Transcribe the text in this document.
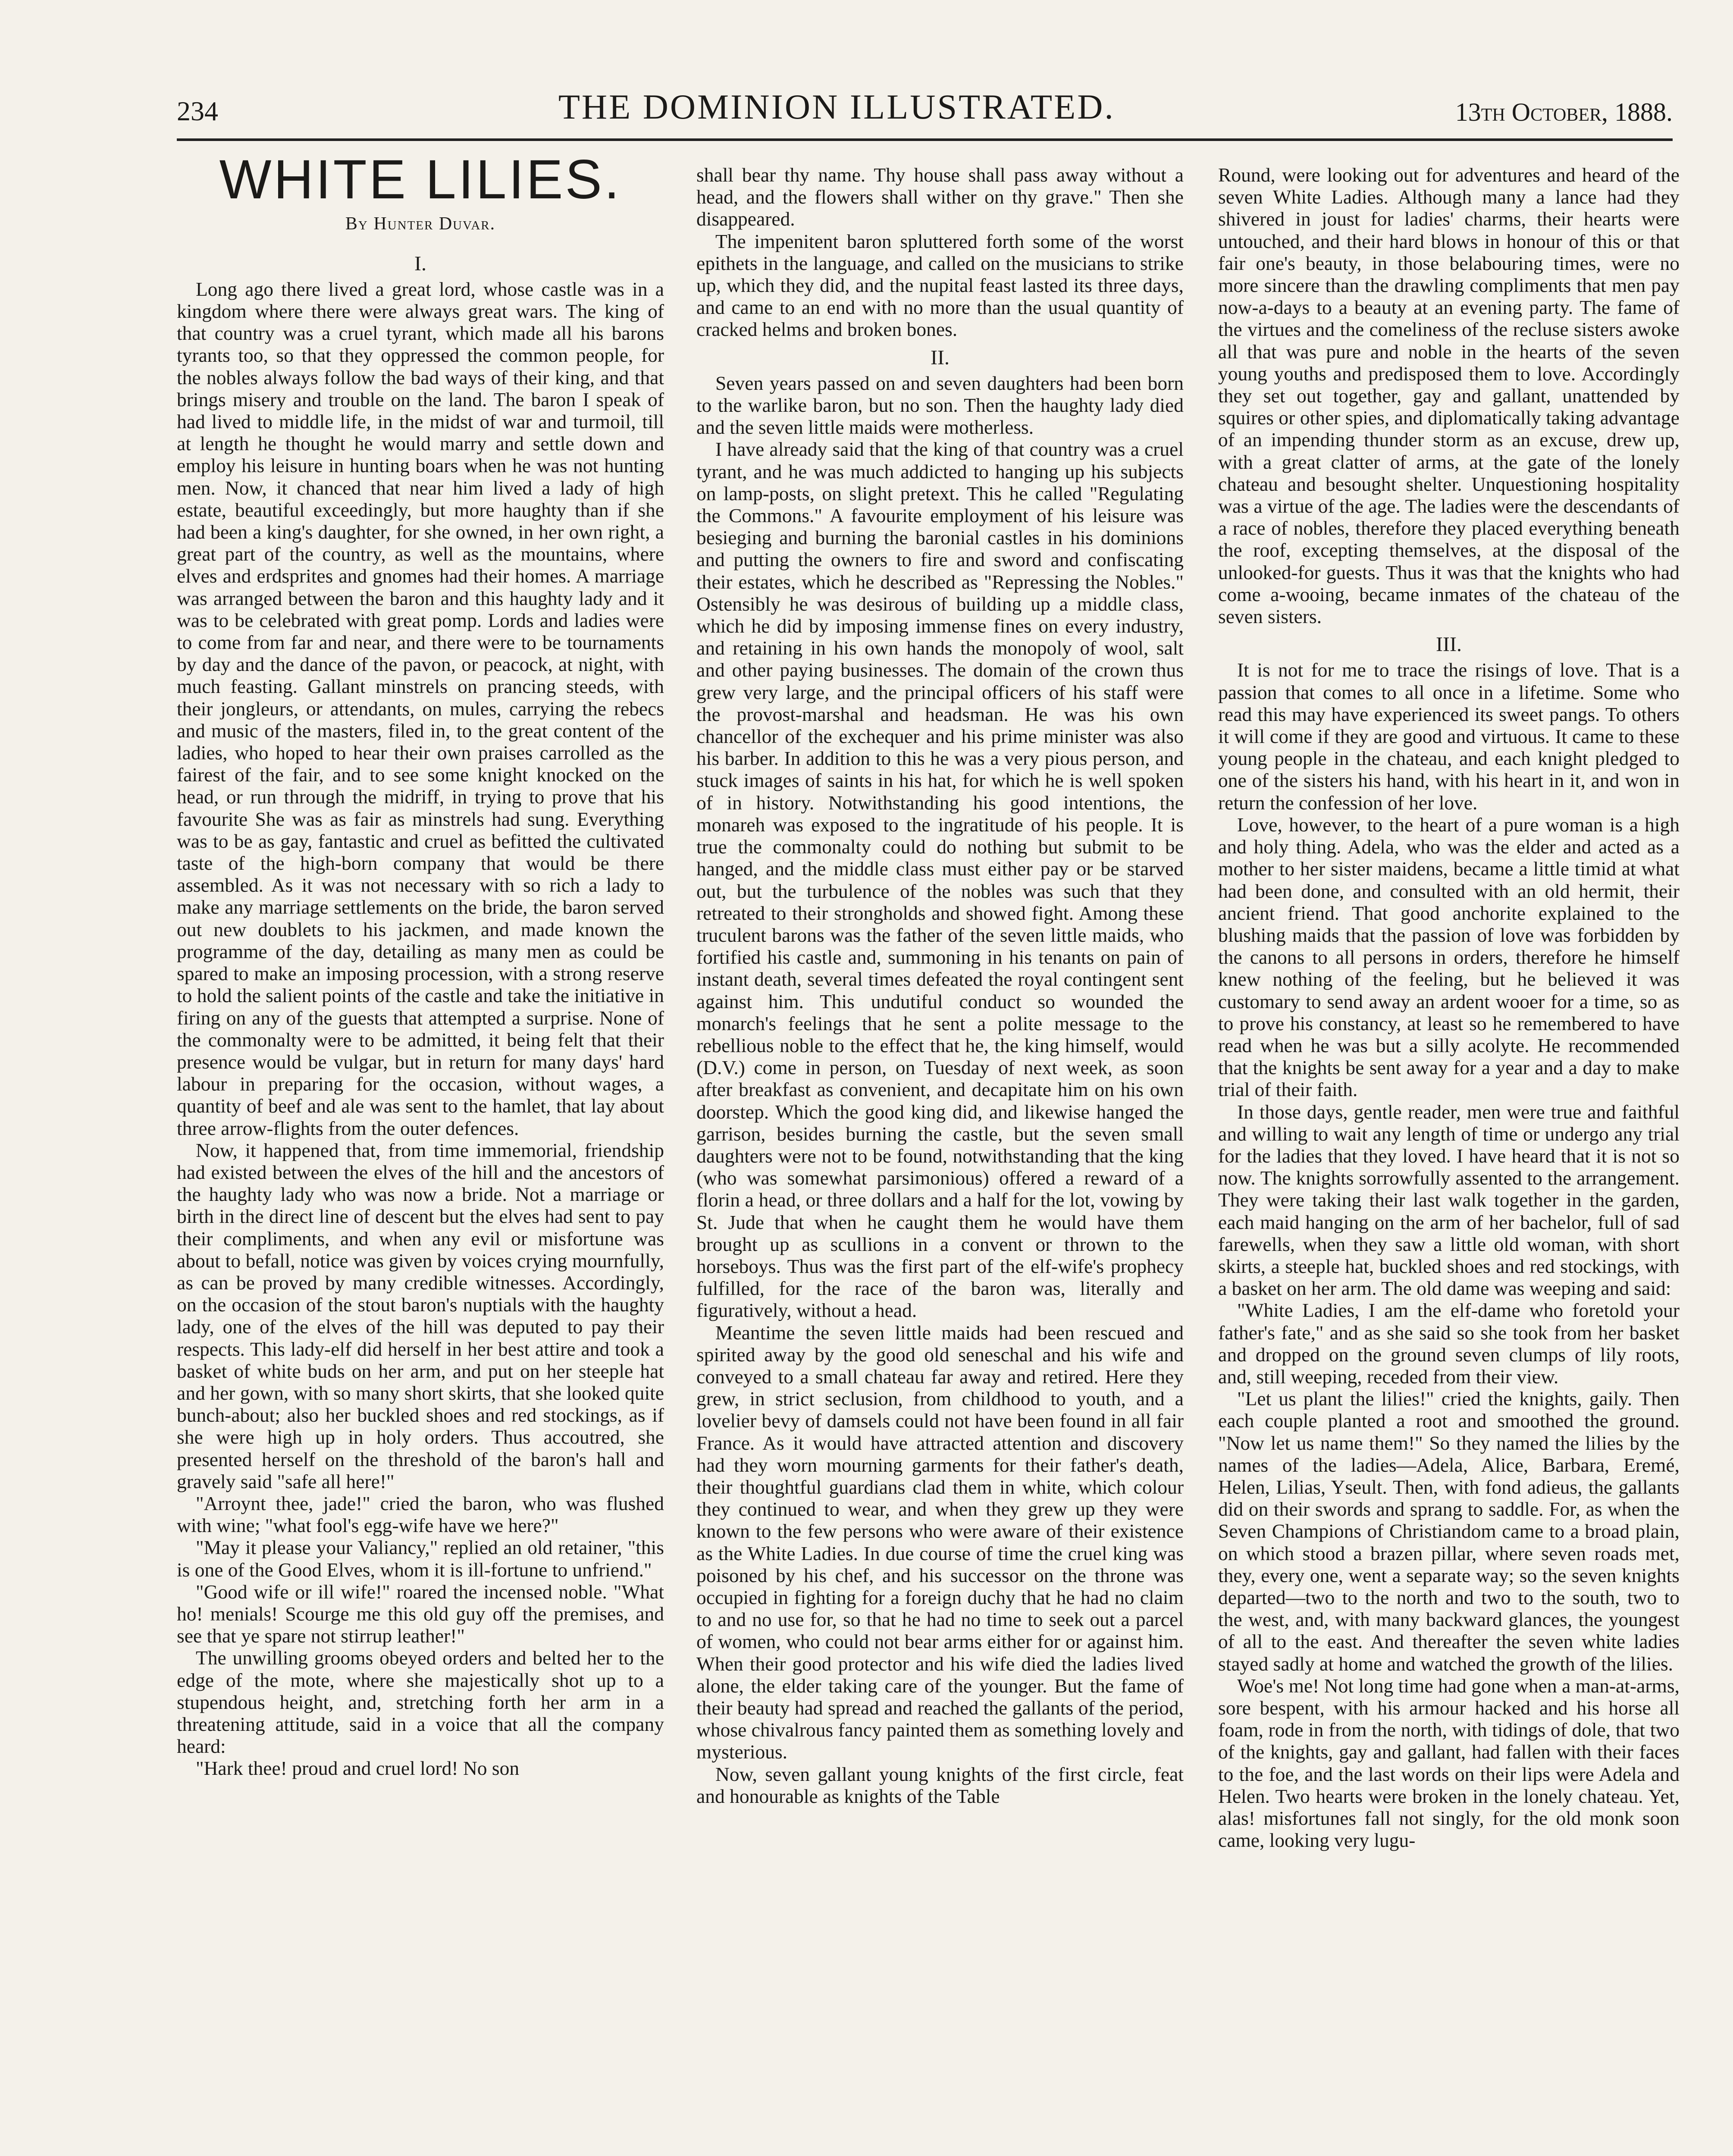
234	THE DOMINION ILLUSTRATED.	13th October, 1888.
WHITE LILIES.
By Hunter Duvar.
I.

Long ago there lived a great lord, whose castle was in a kingdom where there were always great wars. The king of that country was a cruel tyrant, which made all his barons tyrants too, so that they oppressed the common people, for the nobles always follow the bad ways of their king, and that brings misery and trouble on the land. The baron I speak of had lived to middle life, in the midst of war and turmoil, till at length he thought he would marry and settle down and employ his leisure in hunting boars when he was not hunting men. Now, it chanced that near him lived a lady of high estate, beautiful exceedingly, but more haughty than if she had been a king's daughter, for she owned, in her own right, a great part of the country, as well as the mountains, where elves and erdsprites and gnomes had their homes. A marriage was arranged between the baron and this haughty lady and it was to be celebrated with great pomp. Lords and ladies were to come from far and near, and there were to be tournaments by day and the dance of the pavon, or peacock, at night, with much feasting. Gallant minstrels on prancing steeds, with their jongleurs, or attendants, on mules, carrying the rebecs and music of the masters, filed in, to the great content of the ladies, who hoped to hear their own praises carrolled as the fairest of the fair, and to see some knight knocked on the head, or run through the midriff, in trying to prove that his favourite She was as fair as minstrels had sung. Everything was to be as gay, fantastic and cruel as befitted the cultivated taste of the high-born company that would be there assembled. As it was not necessary with so rich a lady to make any marriage settlements on the bride, the baron served out new doublets to his jackmen, and made known the programme of the day, detailing as many men as could be spared to make an imposing procession, with a strong reserve to hold the salient points of the castle and take the initiative in firing on any of the guests that attempted a surprise. None of the commonalty were to be admitted, it being felt that their presence would be vulgar, but in return for many days' hard labour in preparing for the occasion, without wages, a quantity of beef and ale was sent to the hamlet, that lay about three arrow-flights from the outer defences.

Now, it happened that, from time immemorial, friendship had existed between the elves of the hill and the ancestors of the haughty lady who was now a bride. Not a marriage or birth in the direct line of descent but the elves had sent to pay their compliments, and when any evil or misfortune was about to befall, notice was given by voices crying mournfully, as can be proved by many credible witnesses. Accordingly, on the occasion of the stout baron's nuptials with the haughty lady, one of the elves of the hill was deputed to pay their respects. This lady-elf did herself in her best attire and took a basket of white buds on her arm, and put on her steeple hat and her gown, with so many short skirts, that she looked quite bunch-about; also her buckled shoes and red stockings, as if she were high up in holy orders. Thus accoutred, she presented herself on the threshold of the baron's hall and gravely said "safe all here!"

"Arroynt thee, jade!" cried the baron, who was flushed with wine; "what fool's egg-wife have we here?"

"May it please your Valiancy," replied an old retainer, "this is one of the Good Elves, whom it is ill-fortune to unfriend."

"Good wife or ill wife!" roared the incensed noble. "What ho! menials! Scourge me this old guy off the premises, and see that ye spare not stirrup leather!"

The unwilling grooms obeyed orders and belted her to the edge of the mote, where she majestically shot up to a stupendous height, and, stretching forth her arm in a threatening attitude, said in a voice that all the company heard:

"Hark thee! proud and cruel lord! No son

shall bear thy name. Thy house shall pass away without a head, and the flowers shall wither on thy grave." Then she disappeared.

The impenitent baron spluttered forth some of the worst epithets in the language, and called on the musicians to strike up, which they did, and the nupital feast lasted its three days, and came to an end with no more than the usual quantity of cracked helms and broken bones.

II.

Seven years passed on and seven daughters had been born to the warlike baron, but no son. Then the haughty lady died and the seven little maids were motherless.

I have already said that the king of that country was a cruel tyrant, and he was much addicted to hanging up his subjects on lamp-posts, on slight pretext. This he called "Regulating the Commons." A favourite employment of his leisure was besieging and burning the baronial castles in his dominions and putting the owners to fire and sword and confiscating their estates, which he described as "Repressing the Nobles." Ostensibly he was desirous of building up a middle class, which he did by imposing immense fines on every industry, and retaining in his own hands the monopoly of wool, salt and other paying businesses. The domain of the crown thus grew very large, and the principal officers of his staff were the provost-marshal and headsman. He was his own chancellor of the exchequer and his prime minister was also his barber. In addition to this he was a very pious person, and stuck images of saints in his hat, for which he is well spoken of in history. Notwithstanding his good intentions, the monareh was exposed to the ingratitude of his people. It is true the commonalty could do nothing but submit to be hanged, and the middle class must either pay or be starved out, but the turbulence of the nobles was such that they retreated to their strongholds and showed fight. Among these truculent barons was the father of the seven little maids, who fortified his castle and, summoning in his tenants on pain of instant death, several times defeated the royal contingent sent against him. This undutiful conduct so wounded the monarch's feelings that he sent a polite message to the rebellious noble to the effect that he, the king himself, would (D.V.) come in person, on Tuesday of next week, as soon after breakfast as convenient, and decapitate him on his own doorstep. Which the good king did, and likewise hanged the garrison, besides burning the castle, but the seven small daughters were not to be found, notwithstanding that the king (who was somewhat parsimonious) offered a reward of a florin a head, or three dollars and a half for the lot, vowing by St. Jude that when he caught them he would have them brought up as scullions in a convent or thrown to the horseboys. Thus was the first part of the elf-wife's prophecy fulfilled, for the race of the baron was, literally and figuratively, without a head.

Meantime the seven little maids had been rescued and spirited away by the good old seneschal and his wife and conveyed to a small chateau far away and retired. Here they grew, in strict seclusion, from childhood to youth, and a lovelier bevy of damsels could not have been found in all fair France. As it would have attracted attention and discovery had they worn mourning garments for their father's death, their thoughtful guardians clad them in white, which colour they continued to wear, and when they grew up they were known to the few persons who were aware of their existence as the White Ladies. In due course of time the cruel king was poisoned by his chef, and his successor on the throne was occupied in fighting for a foreign duchy that he had no claim to and no use for, so that he had no time to seek out a parcel of women, who could not bear arms either for or against him. When their good protector and his wife died the ladies lived alone, the elder taking care of the younger. But the fame of their beauty had spread and reached the gallants of the period, whose chivalrous fancy painted them as something lovely and mysterious.

Now, seven gallant young knights of the first circle, feat and honourable as knights of the Table

Round, were looking out for adventures and heard of the seven White Ladies. Although many a lance had they shivered in joust for ladies' charms, their hearts were untouched, and their hard blows in honour of this or that fair one's beauty, in those belabouring times, were no more sincere than the drawling compliments that men pay now-a-days to a beauty at an evening party. The fame of the virtues and the comeliness of the recluse sisters awoke all that was pure and noble in the hearts of the seven young youths and predisposed them to love. Accordingly they set out together, gay and gallant, unattended by squires or other spies, and diplomatically taking advantage of an impending thunder storm as an excuse, drew up, with a great clatter of arms, at the gate of the lonely chateau and besought shelter. Unquestioning hospitality was a virtue of the age. The ladies were the descendants of a race of nobles, therefore they placed everything beneath the roof, excepting themselves, at the disposal of the unlooked-for guests. Thus it was that the knights who had come a-wooing, became inmates of the chateau of the seven sisters.

III.

It is not for me to trace the risings of love. That is a passion that comes to all once in a lifetime. Some who read this may have experienced its sweet pangs. To others it will come if they are good and virtuous. It came to these young people in the chateau, and each knight pledged to one of the sisters his hand, with his heart in it, and won in return the confession of her love.

Love, however, to the heart of a pure woman is a high and holy thing. Adela, who was the elder and acted as a mother to her sister maidens, became a little timid at what had been done, and consulted with an old hermit, their ancient friend. That good anchorite explained to the blushing maids that the passion of love was forbidden by the canons to all persons in orders, therefore he himself knew nothing of the feeling, but he believed it was customary to send away an ardent wooer for a time, so as to prove his constancy, at least so he remembered to have read when he was but a silly acolyte. He recommended that the knights be sent away for a year and a day to make trial of their faith.

In those days, gentle reader, men were true and faithful and willing to wait any length of time or undergo any trial for the ladies that they loved. I have heard that it is not so now. The knights sorrowfully assented to the arrangement. They were taking their last walk together in the garden, each maid hanging on the arm of her bachelor, full of sad farewells, when they saw a little old woman, with short skirts, a steeple hat, buckled shoes and red stockings, with a basket on her arm. The old dame was weeping and said:

"White Ladies, I am the elf-dame who foretold your father's fate," and as she said so she took from her basket and dropped on the ground seven clumps of lily roots, and, still weeping, receded from their view.

"Let us plant the lilies!" cried the knights, gaily. Then each couple planted a root and smoothed the ground. "Now let us name them!" So they named the lilies by the names of the ladies—Adela, Alice, Barbara, Eremé, Helen, Lilias, Yseult. Then, with fond adieus, the gallants did on their swords and sprang to saddle. For, as when the Seven Champions of Christiandom came to a broad plain, on which stood a brazen pillar, where seven roads met, they, every one, went a separate way; so the seven knights departed—two to the north and two to the south, two to the west, and, with many backward glances, the youngest of all to the east. And thereafter the seven white ladies stayed sadly at home and watched the growth of the lilies.

Woe's me! Not long time had gone when a man-at-arms, sore bespent, with his armour hacked and his horse all foam, rode in from the north, with tidings of dole, that two of the knights, gay and gallant, had fallen with their faces to the foe, and the last words on their lips were Adela and Helen. Two hearts were broken in the lonely chateau. Yet, alas! misfortunes fall not singly, for the old monk soon came, looking very lugu-
